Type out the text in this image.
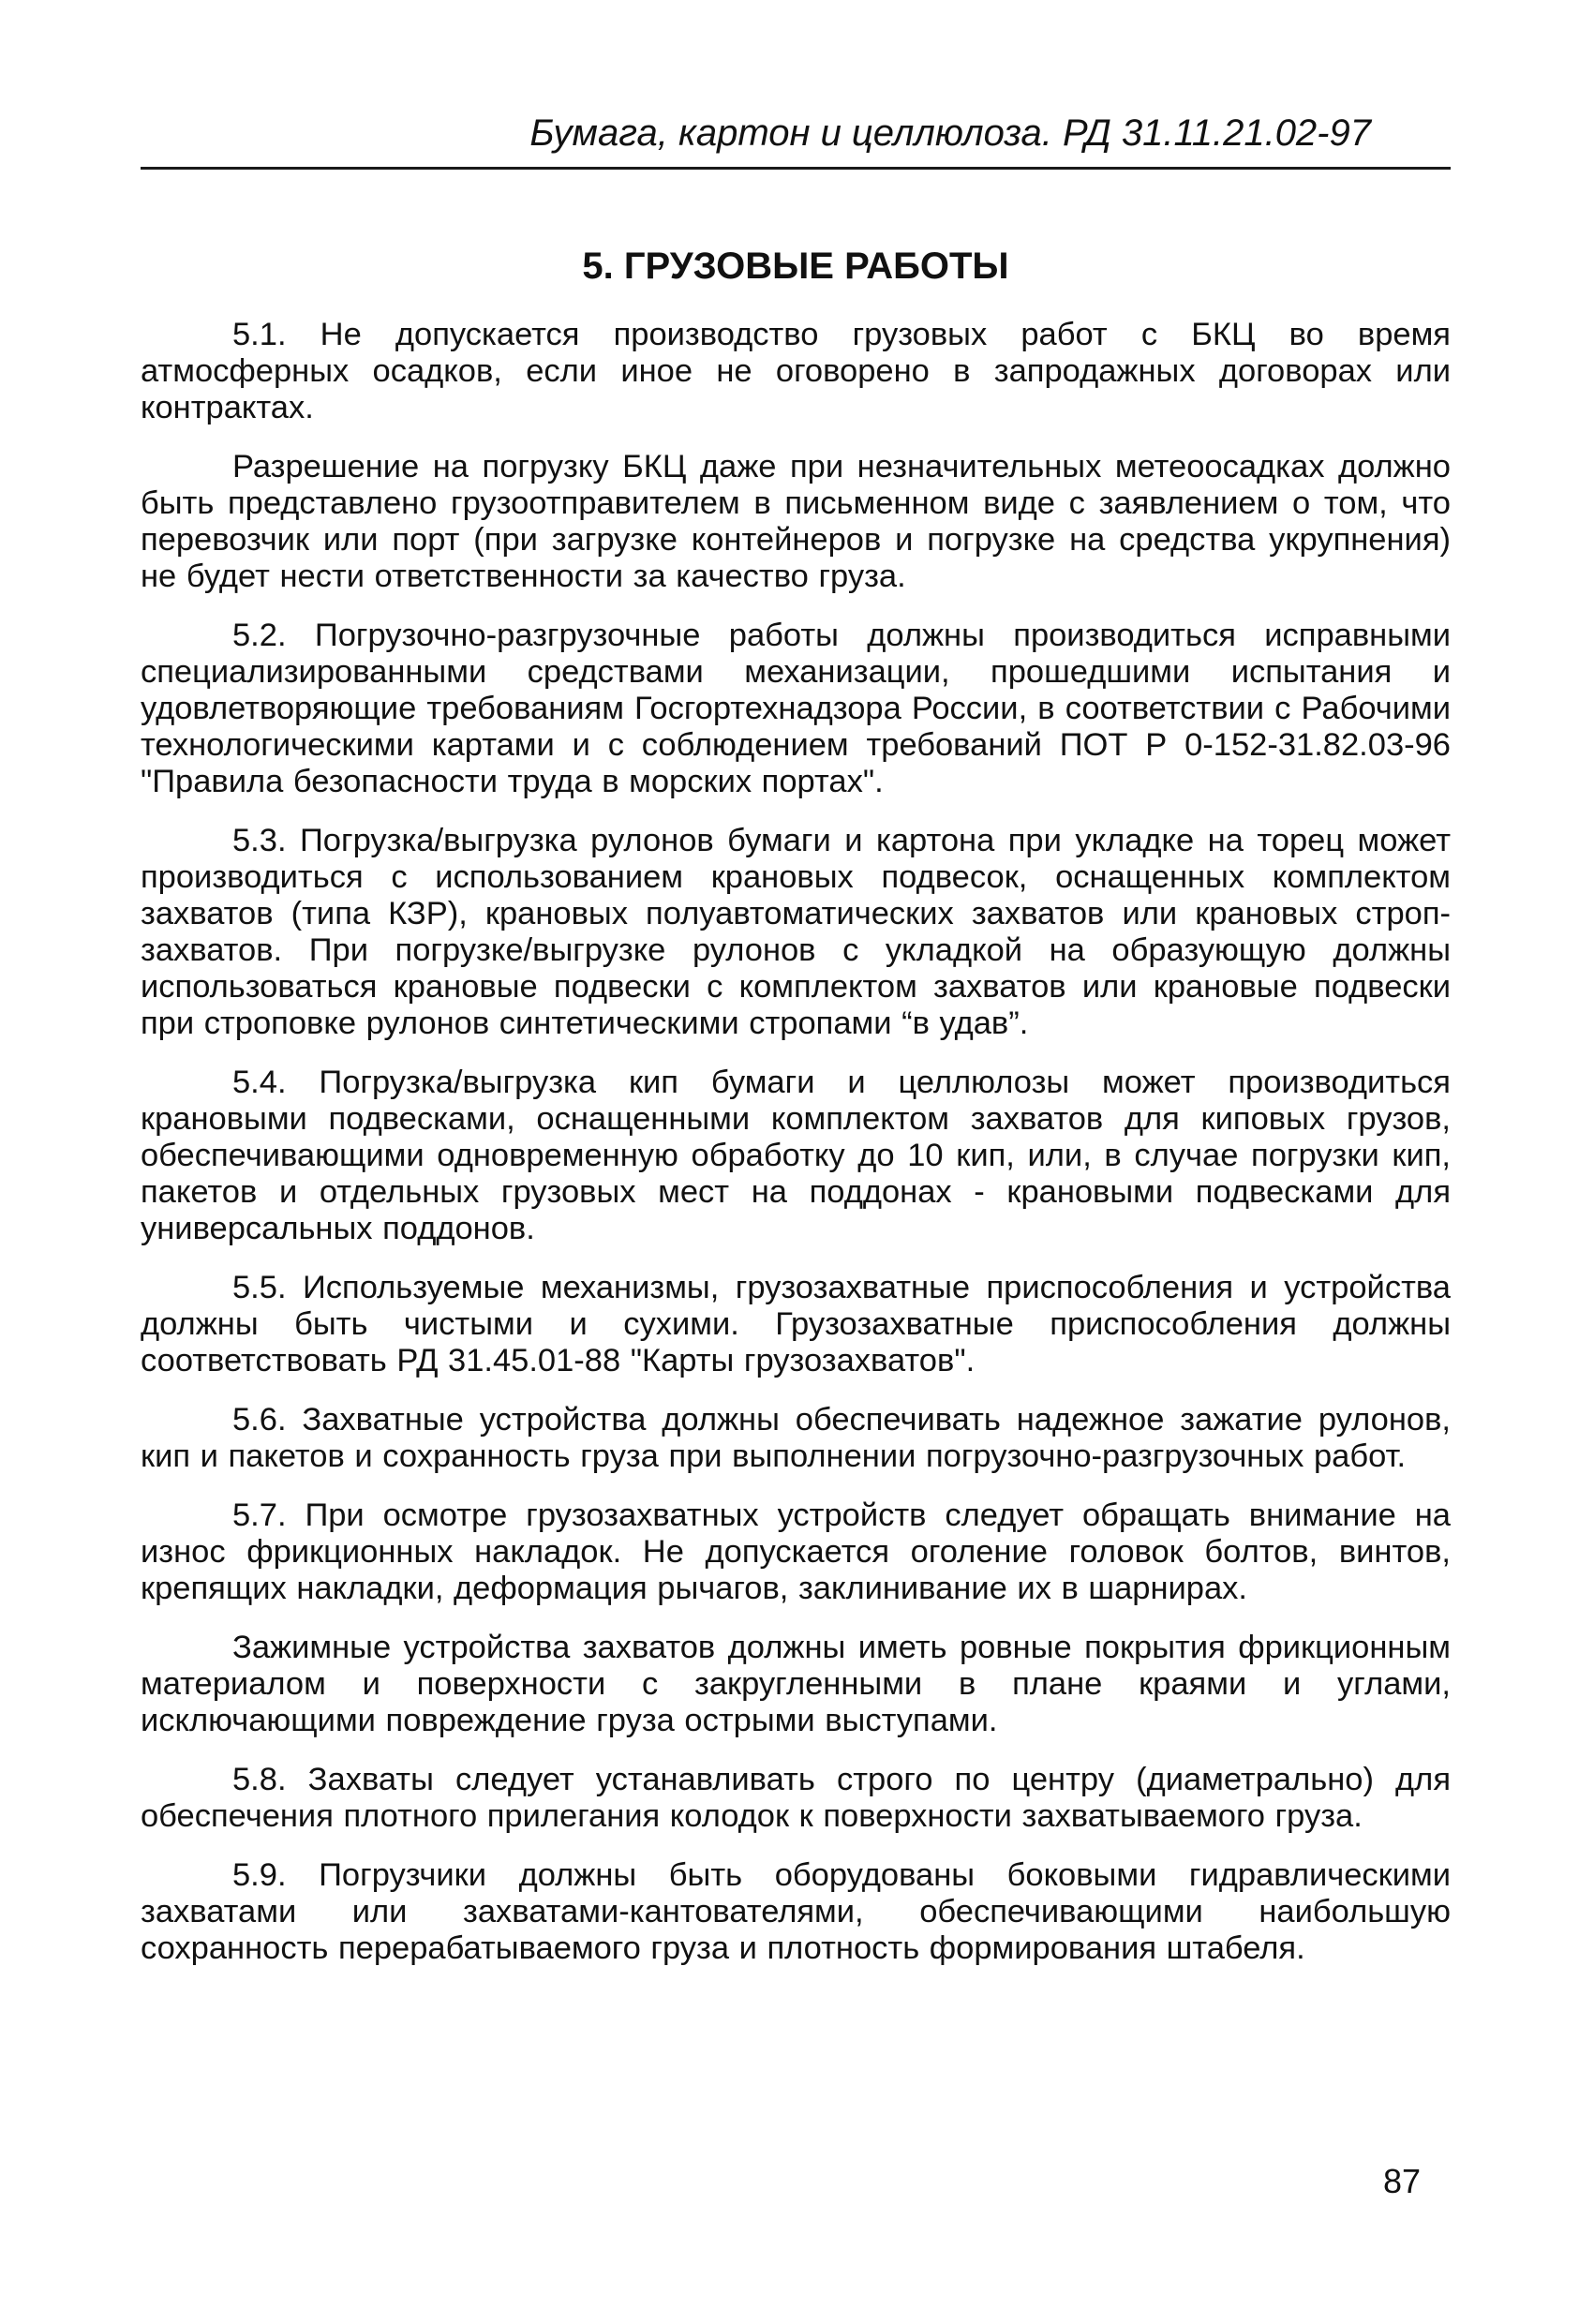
Бумага, картон и целлюлоза. РД 31.11.21.02-97
5. ГРУЗОВЫЕ РАБОТЫ

5.1. Не допускается производство грузовых работ с БКЦ во время атмосферных осадков, если иное не оговорено в запродажных договорах или контрактах.

Разрешение на погрузку БКЦ даже при незначительных метеоосадках должно быть представлено грузоотправителем в письменном виде с заявлением о том, что перевозчик или порт (при загрузке контейнеров и погрузке на средства укрупнения) не будет нести ответственности за качество груза.

5.2. Погрузочно-разгрузочные работы должны производиться исправными специализированными средствами механизации, прошедшими испытания и удовлетворяющие требованиям Госгортехнадзора России, в соответствии с Рабочими технологическими картами и с соблюдением требований ПОТ Р 0-152-31.82.03-96 "Правила безопасности труда в морских портах".

5.3. Погрузка/выгрузка рулонов бумаги и картона при укладке на торец может производиться с использованием крановых подвесок, оснащенных комплектом захватов (типа КЗР), крановых полуавтоматических захватов или крановых строп-захватов. При погрузке/выгрузке рулонов с укладкой на образующую должны использоваться крановые подвески с комплектом захватов или крановые подвески при строповке рулонов синтетическими стропами “в удав”.

5.4. Погрузка/выгрузка кип бумаги и целлюлозы может производиться крановыми подвесками, оснащенными комплектом захватов для киповых грузов, обеспечивающими одновременную обработку до 10 кип, или, в случае погрузки кип, пакетов и отдельных грузовых мест на поддонах - крановыми подвесками для универсальных поддонов.

5.5. Используемые механизмы, грузозахватные приспособления и устройства должны быть чистыми и сухими. Грузозахватные приспособления должны соответствовать РД 31.45.01-88 "Карты грузозахватов".

5.6. Захватные устройства должны обеспечивать надежное зажатие рулонов, кип и пакетов и сохранность груза при выполнении погрузочно-разгрузочных работ.

5.7. При осмотре грузозахватных устройств следует обращать внимание на износ фрикционных накладок. Не допускается оголение головок болтов, винтов, крепящих накладки, деформация рычагов, заклинивание их в шарнирах.

Зажимные устройства захватов должны иметь ровные покрытия фрикционным материалом и поверхности с закругленными в плане краями и углами, исключающими повреждение груза острыми выступами.

5.8. Захваты следует устанавливать строго по центру (диаметрально) для обеспечения плотного прилегания колодок к поверхности захватываемого груза.

5.9. Погрузчики должны быть оборудованы боковыми гидравлическими захватами или захватами-кантователями, обеспечивающими наибольшую сохранность перерабатываемого груза и плотность формирования штабеля.

87
